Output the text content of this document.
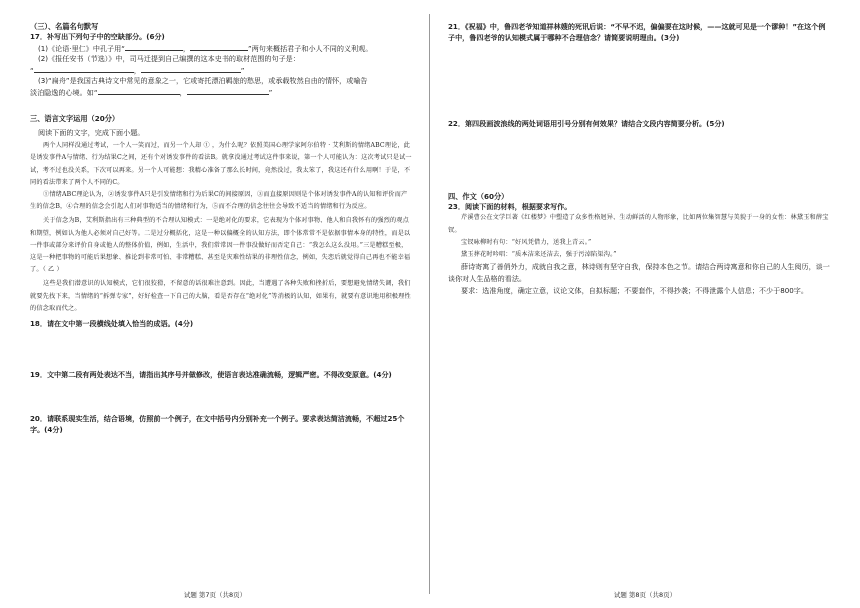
（三）、名篇名句默写

17．补写出下列句子中的空缺部分。(6分)

(1)《论语·里仁》中孔子用“	，	”两句来概括君子和小人不同的义利观。

(2)《报任安书（节选）》中，司马迁提到自己编撰的这本史书的取材范围的句子是：

“	，	”

(3)“扁舟”是我国古典诗文中常见的意象之一，它或寄托漂泊羁旅的愁思，或承载牧然自由的情怀，或喻告

淡泊隐逸的心境。如“	，	”

三、语言文字运用（20分）

阅读下面的文字，完成下面小题。

两个人同样没通过考试，一个人一笑而过，而另一个人却 ① ，为什么呢？依照美国心理学家阿尔伯特 · 艾利斯的情绪ABC理论，此是诱发事件A与情绪、行为结果C之间，还有个对诱发事件的看法B。就拿没通过考试这件事来说，第一个人可能认为：这次考试只是试一试，考不过也没关系，下次可以再来。另一个人可能想：我精心准备了那么长时间，竟然没过，我太笨了，我这还有什么用啊！于是，不同的看法带来了两个人不同的C。

①情绪ABC理论认为，②诱发事件A只是引发情绪和行为后果C的间接原因，③而直接原因则是个体对诱发事件A的认知和评价而产生的信念B，④合理的信念会引起人们对事物适当的情绪和行为，⑤而不合理的信念往往会导致不适当的情绪和行为反应。

关于信念为B，艾利斯指出有三种典型的不合理认知模式：一是绝对化的要求，它表现为个体对事物、他人和自我怀有的强烈的观点和期望，例如认为他人必须对自己好等。二是过分概括化，这是一种以偏概全的认知方法，即个体常常不是依据事情本身的特性，而是以一件事或部分来评价自身或他人的整体价值，例如，生活中，我们常常因一件事没做好而否定自己：“我怎么这么没用。”三是糟糕至极，这是一种把事物的可能后果想象、推论到非常可怕、非常糟糕、甚至是灾难性结果的非理性信念，例如，失恋后就觉得自己再也不能幸福了。（ 乙 ）

这些是我们潜意识的认知模式，它们很狡猾，不留意的话很难注意到。因此，当遭遇了各种失败和挫折后，要想避免情绪失调，我们就要先找下来，当情绪的“拆弹专家”，好好检查一下自己的大脑，看是否存在“绝对化”等消极的认知，如果有，就要有意识地用积极理性的信念取而代之。

18．请在文中第一段横线处填入恰当的成语。(4分)

19．文中第二段有两处表达不当，请指出其序号并做修改，使语言表达准确流畅，逻辑严密。不得改变原意。(4分)

20．请联系现实生活，结合语境，仿照前一个例子，在文中括号内分别补充一个例子。要求表达简洁流畅，不超过25个字。(4分)

试题 第7页（共8页）

21．《祝福》中，鲁四老爷知道祥林嫂的死讯后说：“不早不迟，偏偏要在这时候，——这就可见是一个谬种！”在这个例子中，鲁四老爷的认知模式属于哪种不合理信念？请简要说明理由。(3分)

22．第四段画波浪线的两处词语用引号分别有何效果？请结合文段内容简要分析。(5分)

四、作文（60分）

23．阅读下面的材料，根据要求写作。

芹溪曹公在文学巨著《红楼梦》中塑造了众多性格迥异、生动鲜活的人物形象，比如两位集智慧与美貌于一身的女性：林黛玉和薛宝钗。

宝钗咏柳时有句：“好风凭借力，送我上青云。”

黛玉葬花时吟唱：“质本洁来还洁去，强于污淖陷渠沟。”

薛诗寄寓了善俏外力，成就自我之意，林诗则有坚守自我，保持本色之节。请结合两诗寓意和你自己的人生阅历，谈一谈你对人生品格的看法。

要求：选准角度，确定立意，议论文体，自拟标题；不要套作，不得抄袭；不得泄露个人信息；不少于800字。

试题 第8页（共8页）
